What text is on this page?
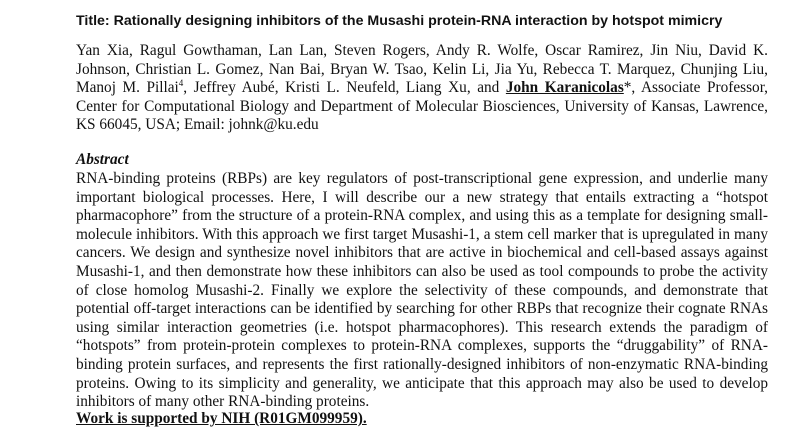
Title: Rationally designing inhibitors of the Musashi protein-RNA interaction by hotspot mimicry

Yan Xia, Ragul Gowthaman, Lan Lan, Steven Rogers, Andy R. Wolfe, Oscar Ramirez, Jin Niu, David K. Johnson, Christian L. Gomez, Nan Bai, Bryan W. Tsao, Kelin Li, Jia Yu, Rebecca T. Marquez, Chunjing Liu, Manoj M. Pillai$^4$, Jeffrey Aubé, Kristi L. Neufeld, Liang Xu, and John Karanicolas*, Associate Professor, Center for Computational Biology and Department of Molecular Biosciences, University of Kansas, Lawrence, KS 66045, USA; Email: johnk@ku.edu

Abstract

RNA-binding proteins (RBPs) are key regulators of post-transcriptional gene expression, and underlie many important biological processes. Here, I will describe our a new strategy that entails extracting a “hotspot pharmacophore” from the structure of a protein-RNA complex, and using this as a template for designing small-molecule inhibitors. With this approach we first target Musashi-1, a stem cell marker that is upregulated in many cancers. We design and synthesize novel inhibitors that are active in biochemical and cell-based assays against Musashi-1, and then demonstrate how these inhibitors can also be used as tool compounds to probe the activity of close homolog Musashi-2. Finally we explore the selectivity of these compounds, and demonstrate that potential off-target interactions can be identified by searching for other RBPs that recognize their cognate RNAs using similar interaction geometries (i.e. hotspot pharmacophores). This research extends the paradigm of “hotspots” from protein-protein complexes to protein-RNA complexes, supports the “druggability” of RNA-binding protein surfaces, and represents the first rationally-designed inhibitors of non-enzymatic RNA-binding proteins. Owing to its simplicity and generality, we anticipate that this approach may also be used to develop inhibitors of many other RNA-binding proteins.

Work is supported by NIH (R01GM099959).
